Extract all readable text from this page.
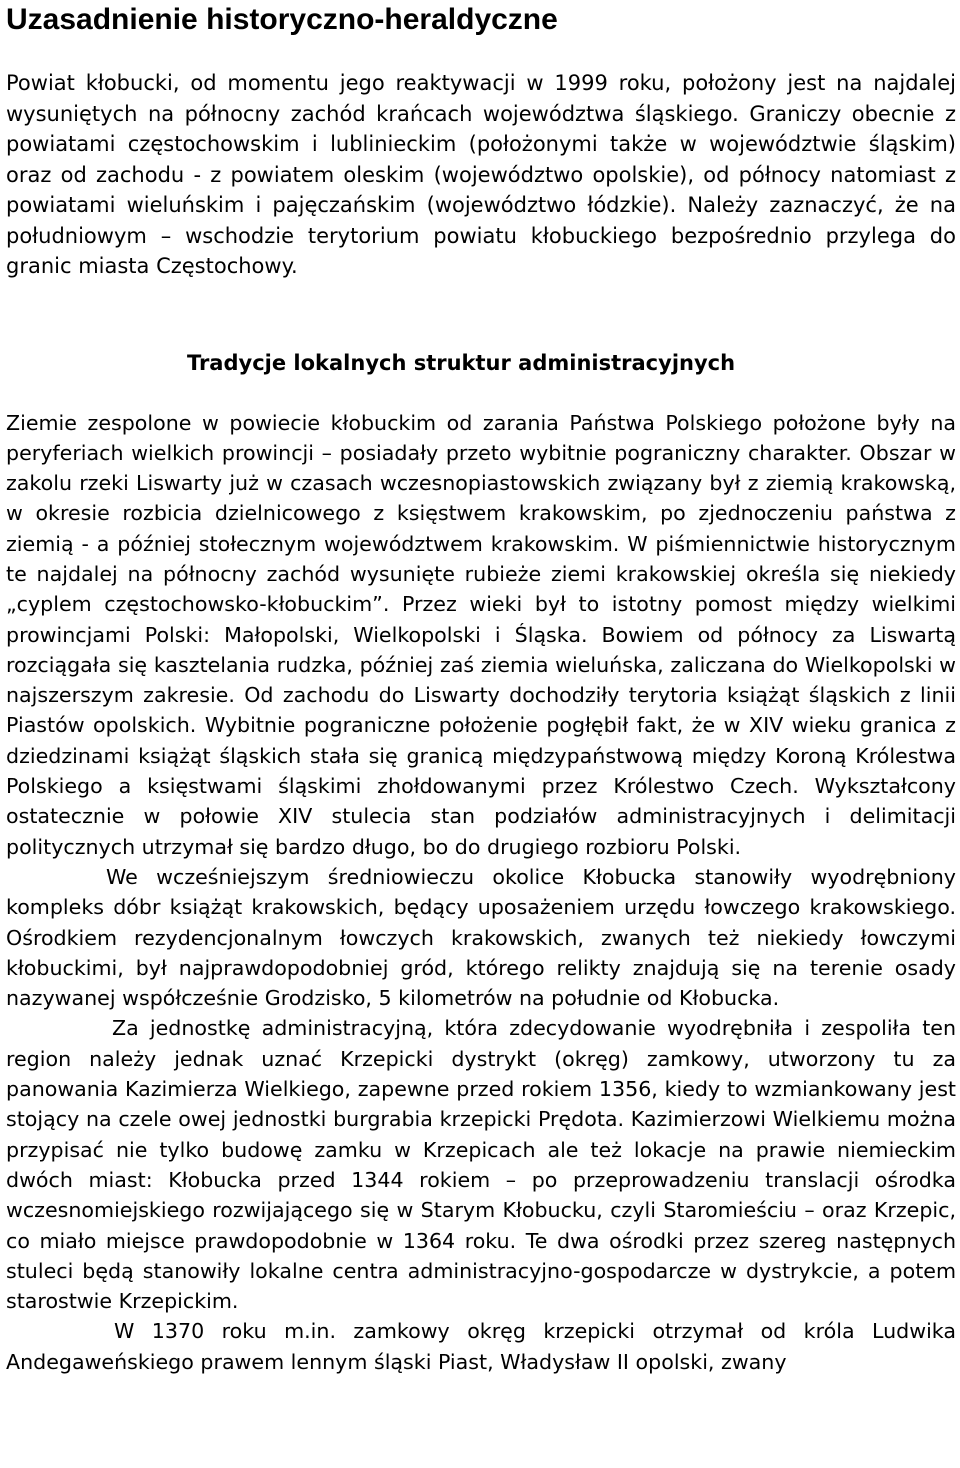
Uzasadnienie historyczno-heraldyczne

Powiat kłobucki, od momentu jego reaktywacji w 1999 roku, położony jest na najdalej wysuniętych na północny zachód krańcach województwa śląskiego. Graniczy obecnie z powiatami częstochowskim i lublinieckim (położonymi także w województwie śląskim) oraz od zachodu - z powiatem oleskim (województwo opolskie), od północy natomiast z powiatami wieluńskim i pajęczańskim (województwo łódzkie). Należy zaznaczyć, że na południowym – wschodzie terytorium powiatu kłobuckiego bezpośrednio przylega do granic miasta Częstochowy.

Tradycje lokalnych struktur administracyjnych

Ziemie zespolone w powiecie kłobuckim od zarania Państwa Polskiego położone były na peryferiach wielkich prowincji – posiadały przeto wybitnie pograniczny charakter. Obszar w zakolu rzeki Liswarty już w czasach wczesnopiastowskich związany był z ziemią krakowską, w okresie rozbicia dzielnicowego z księstwem krakowskim, po zjednoczeniu państwa z ziemią - a później stołecznym województwem krakowskim. W piśmiennictwie historycznym te najdalej na północny zachód wysunięte rubieże ziemi krakowskiej określa się niekiedy „cyplem częstochowsko-kłobuckim”. Przez wieki był to istotny pomost między wielkimi prowincjami Polski: Małopolski, Wielkopolski i Śląska. Bowiem od północy za Liswartą rozciągała się kasztelania rudzka, później zaś ziemia wieluńska, zaliczana do Wielkopolski w najszerszym zakresie. Od zachodu do Liswarty dochodziły terytoria książąt śląskich z linii Piastów opolskich. Wybitnie pograniczne położenie pogłębił fakt, że w XIV wieku granica z dziedzinami książąt śląskich stała się granicą międzypaństwową między Koroną Królestwa Polskiego a księstwami śląskimi zhołdowanymi przez Królestwo Czech. Wykształcony ostatecznie w połowie XIV stulecia stan podziałów administracyjnych i delimitacji politycznych utrzymał się bardzo długo, bo do drugiego rozbioru Polski.

We wcześniejszym średniowieczu okolice Kłobucka stanowiły wyodrębniony kompleks dóbr książąt krakowskich, będący uposażeniem urzędu łowczego krakowskiego. Ośrodkiem rezydencjonalnym łowczych krakowskich, zwanych też niekiedy łowczymi kłobuckimi, był najprawdopodobniej gród, którego relikty znajdują się na terenie osady nazywanej współcześnie Grodzisko, 5 kilometrów na południe od Kłobucka.

Za jednostkę administracyjną, która zdecydowanie wyodrębniła i zespoliła ten region należy jednak uznać Krzepicki dystrykt (okręg) zamkowy, utworzony tu za panowania Kazimierza Wielkiego, zapewne przed rokiem 1356, kiedy to wzmiankowany jest stojący na czele owej jednostki burgrabia krzepicki Prędota. Kazimierzowi Wielkiemu można przypisać nie tylko budowę zamku w Krzepicach ale też lokacje na prawie niemieckim dwóch miast: Kłobucka przed 1344 rokiem – po przeprowadzeniu translacji ośrodka wczesnomiejskiego rozwijającego się w Starym Kłobucku, czyli Staromieściu – oraz Krzepic, co miało miejsce prawdopodobnie w 1364 roku. Te dwa ośrodki przez szereg następnych stuleci będą stanowiły lokalne centra administracyjno-gospodarcze w dystrykcie, a potem starostwie Krzepickim.

W 1370 roku m.in. zamkowy okręg krzepicki otrzymał od króla Ludwika Andegaweńskiego prawem lennym śląski Piast, Władysław II opolski, zwany
